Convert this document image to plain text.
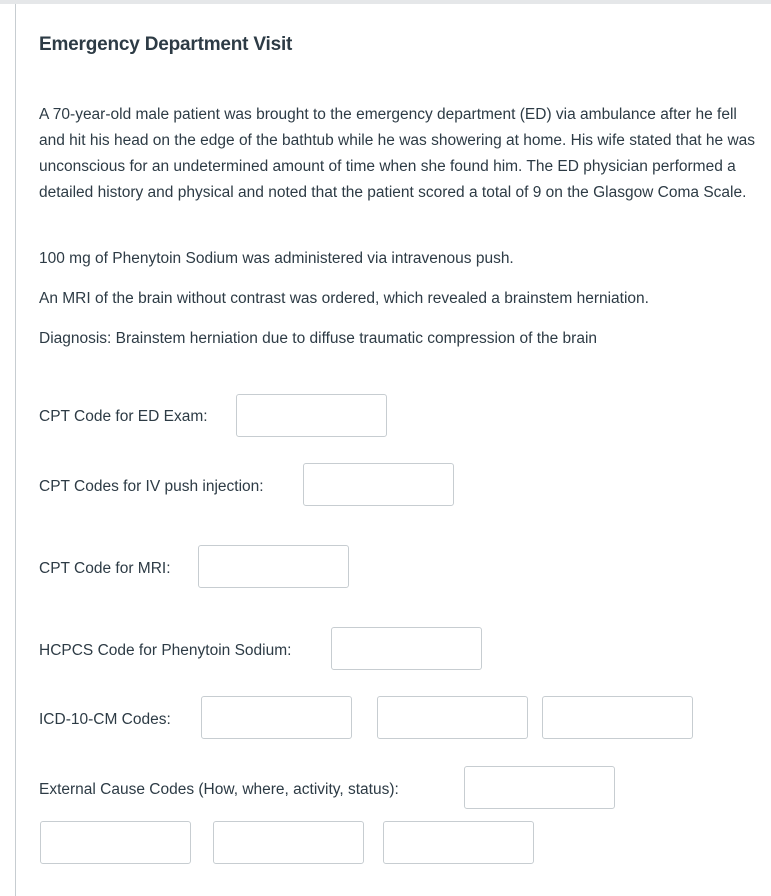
Emergency Department Visit

A 70-year-old male patient was brought to the emergency department (ED) via ambulance after he fell and hit his head on the edge of the bathtub while he was showering at home. His wife stated that he was unconscious for an undetermined amount of time when she found him. The ED physician performed a detailed history and physical and noted that the patient scored a total of 9 on the Glasgow Coma Scale.

100 mg of Phenytoin Sodium was administered via intravenous push.

An MRI of the brain without contrast was ordered, which revealed a brainstem herniation.

Diagnosis: Brainstem herniation due to diffuse traumatic compression of the brain

CPT Code for ED Exam:
CPT Codes for IV push injection:
CPT Code for MRI:
HCPCS Code for Phenytoin Sodium:
ICD-10-CM Codes:
External Cause Codes (How, where, activity, status):
